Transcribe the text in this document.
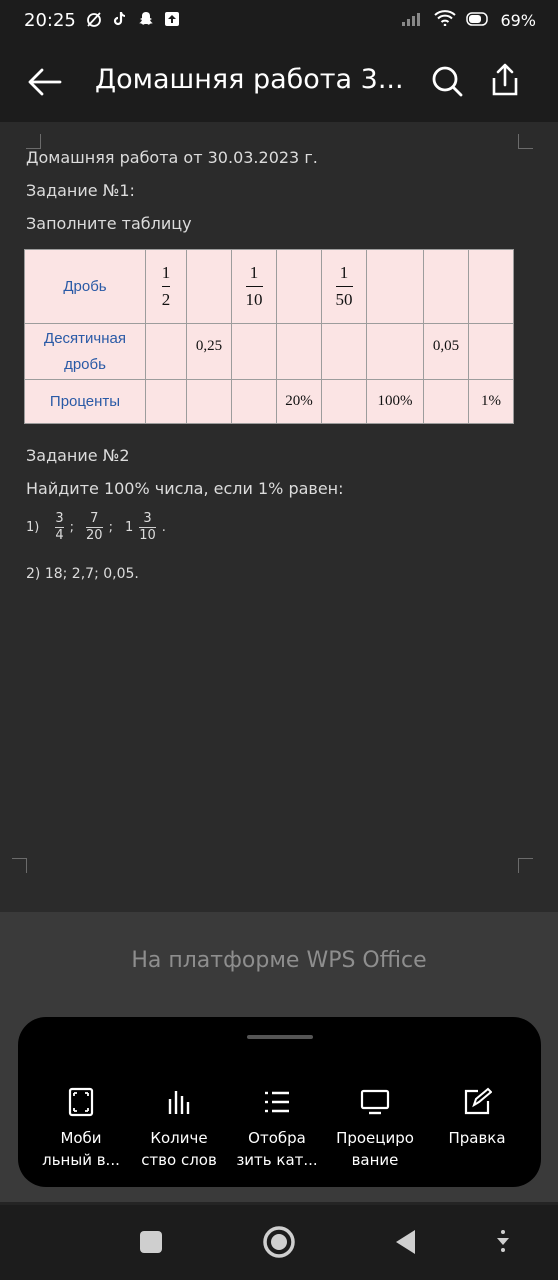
20:25	69%
Домашняя работа 3...
Домашняя работа от 30.03.2023 г.
Задание №1:
Заполните таблицу
Дробь	$\frac{1}{2}$		$\frac{1}{10}$		$\frac{1}{50}$

Десятичная дробь		0,25					0,05	
Проценты				20%		100%		1%
Задание №2
Найдите 100% числа, если 1% равен:
1)
3
4
;
7
20
; 1
3
10
.
2) 18; 2,7; 0,05.
На платформе WPS Office
Моби
льный в...
Количе
ство слов
Отобра
зить кат...
Проециро
вание
Правка
